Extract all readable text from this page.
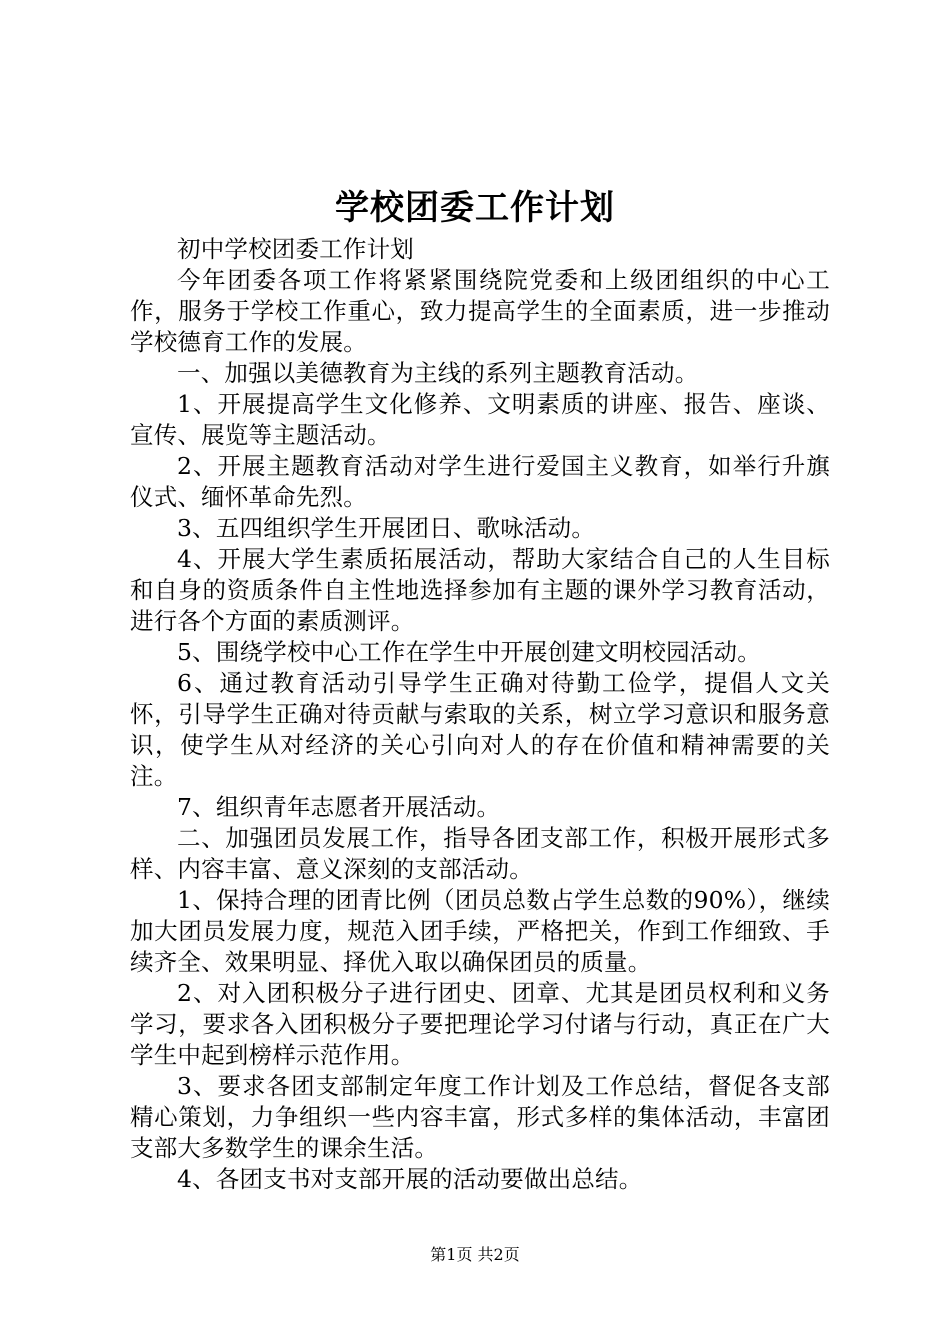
学校团委工作计划

初中学校团委工作计划

今年团委各项工作将紧紧围绕院党委和上级团组织的中心工作，服务于学校工作重心，致力提高学生的全面素质，进一步推动学校德育工作的发展。

一、加强以美德教育为主线的系列主题教育活动。

1、开展提高学生文化修养、文明素质的讲座、报告、座谈、宣传、展览等主题活动。

2、开展主题教育活动对学生进行爱国主义教育，如举行升旗仪式、缅怀革命先烈。

3、五四组织学生开展团日、歌咏活动。

4、开展大学生素质拓展活动，帮助大家结合自己的人生目标和自身的资质条件自主性地选择参加有主题的课外学习教育活动，进行各个方面的素质测评。

5、围绕学校中心工作在学生中开展创建文明校园活动。

6、通过教育活动引导学生正确对待勤工俭学，提倡人文关怀，引导学生正确对待贡献与索取的关系，树立学习意识和服务意识，使学生从对经济的关心引向对人的存在价值和精神需要的关注。

7、组织青年志愿者开展活动。

二、加强团员发展工作，指导各团支部工作，积极开展形式多样、内容丰富、意义深刻的支部活动。

1、保持合理的团青比例（团员总数占学生总数的90%），继续加大团员发展力度，规范入团手续，严格把关，作到工作细致、手续齐全、效果明显、择优入取以确保团员的质量。

2、对入团积极分子进行团史、团章、尤其是团员权利和义务学习，要求各入团积极分子要把理论学习付诸与行动，真正在广大学生中起到榜样示范作用。

3、要求各团支部制定年度工作计划及工作总结，督促各支部精心策划，力争组织一些内容丰富，形式多样的集体活动，丰富团支部大多数学生的课余生活。

4、各团支书对支部开展的活动要做出总结。

第1页 共2页
